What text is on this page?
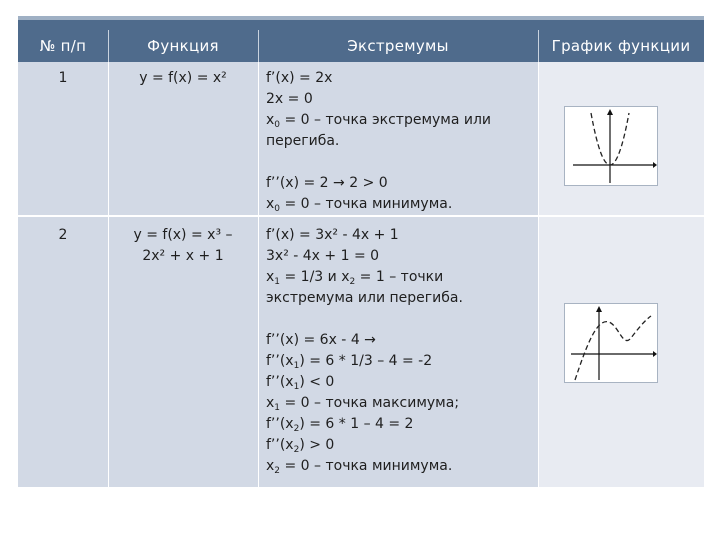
№ п/п	Функция	Экстремумы	График функции
1	y = f(x) = x²	f’(x) = 2x
2x = 0
$x_0 = 0$ – точка экстремума или
перегиба.
f’’(x) = 2 → 2 > 0
$x_0 = 0$ – точка минимума.
2	y = f(x) = x³ –
2x² + x + 1
f’(x) = 3x² - 4x + 1
3x² - 4x + 1 = 0
$x_1 = 1/3$ и $x_2 = 1$ – точки
экстремума или перегиба.
f’’(x) = 6x - 4 →
$f’’(x_1) = 6 * 1/3 - 4 = -2$
$f’’(x_1) < 0$
$x_1 = 0$ – точка максимума;
$f’’(x_2) = 6 * 1 - 4 = 2$
$f’’(x_2) > 0$
$x_2 = 0$ – точка минимума.
